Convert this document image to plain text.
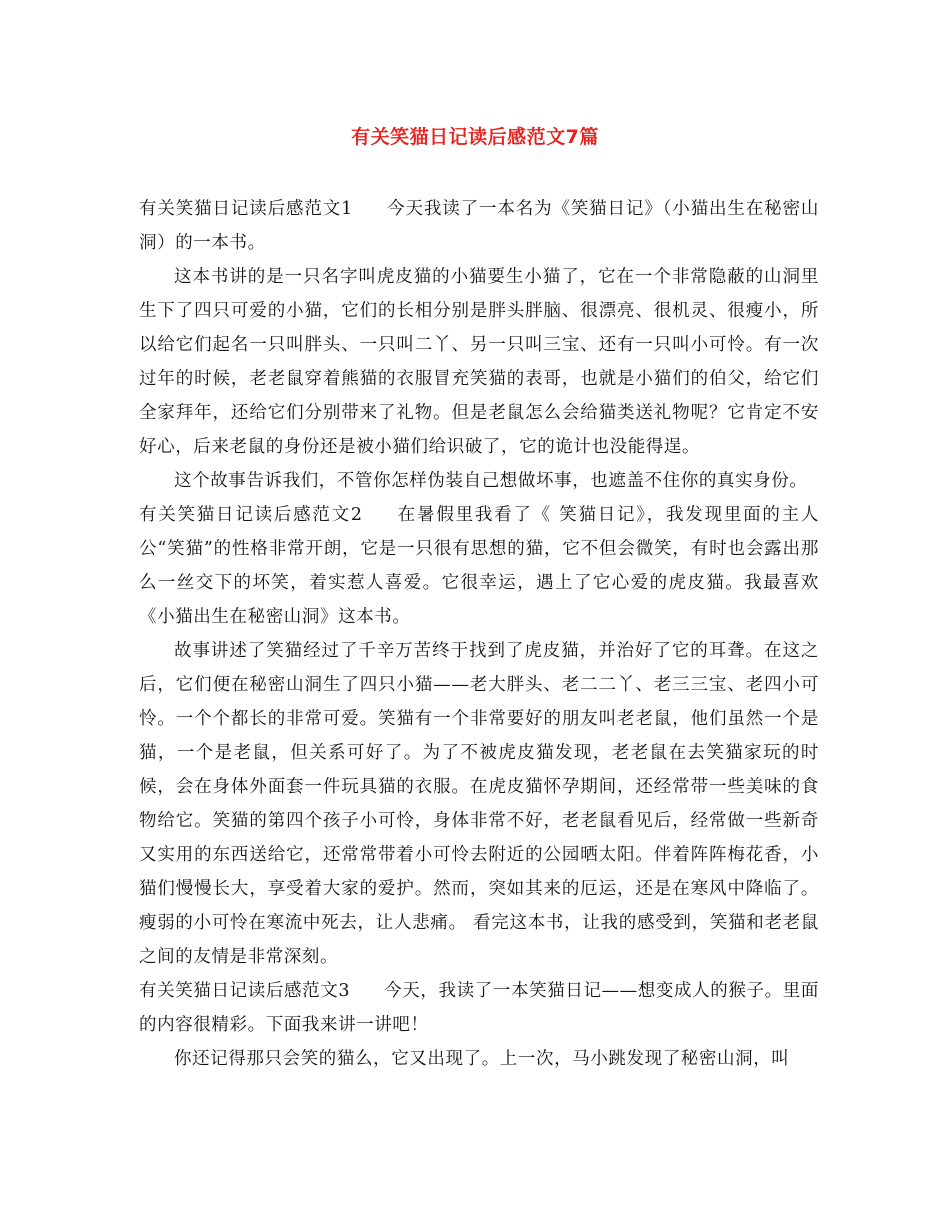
有关笑猫日记读后感范文7篇

有关笑猫日记读后感范文1 今天我读了一本名为《笑猫日记》（小猫出生在秘密山洞）的一本书。

这本书讲的是一只名字叫虎皮猫的小猫要生小猫了，它在一个非常隐蔽的山洞里生下了四只可爱的小猫，它们的长相分别是胖头胖脑、很漂亮、很机灵、很瘦小，所以给它们起名一只叫胖头、一只叫二丫、另一只叫三宝、还有一只叫小可怜。有一次过年的时候，老老鼠穿着熊猫的衣服冒充笑猫的表哥，也就是小猫们的伯父，给它们全家拜年，还给它们分别带来了礼物。但是老鼠怎么会给猫类送礼物呢？它肯定不安好心，后来老鼠的身份还是被小猫们给识破了，它的诡计也没能得逞。

这个故事告诉我们，不管你怎样伪装自己想做坏事，也遮盖不住你的真实身份。

有关笑猫日记读后感范文2 在暑假里我看了《 笑猫日记》，我发现里面的主人公“笑猫”的性格非常开朗，它是一只很有思想的猫，它不但会微笑，有时也会露出那么一丝交下的坏笑，着实惹人喜爱。它很幸运，遇上了它心爱的虎皮猫。我最喜欢《小猫出生在秘密山洞》这本书。

故事讲述了笑猫经过了千辛万苦终于找到了虎皮猫，并治好了它的耳聋。在这之后，它们便在秘密山洞生了四只小猫——老大胖头、老二二丫、老三三宝、老四小可怜。一个个都长的非常可爱。笑猫有一个非常要好的朋友叫老老鼠，他们虽然一个是猫，一个是老鼠，但关系可好了。为了不被虎皮猫发现，老老鼠在去笑猫家玩的时候，会在身体外面套一件玩具猫的衣服。在虎皮猫怀孕期间，还经常带一些美味的食物给它。笑猫的第四个孩子小可怜，身体非常不好，老老鼠看见后，经常做一些新奇又实用的东西送给它，还常常带着小可怜去附近的公园晒太阳。伴着阵阵梅花香，小猫们慢慢长大，享受着大家的爱护。然而，突如其来的厄运，还是在寒风中降临了。瘦弱的小可怜在寒流中死去，让人悲痛。 看完这本书，让我的感受到，笑猫和老老鼠之间的友情是非常深刻。

有关笑猫日记读后感范文3 今天，我读了一本笑猫日记——想变成人的猴子。里面的内容很精彩。下面我来讲一讲吧！

你还记得那只会笑的猫么，它又出现了。上一次，马小跳发现了秘密山洞，叫
